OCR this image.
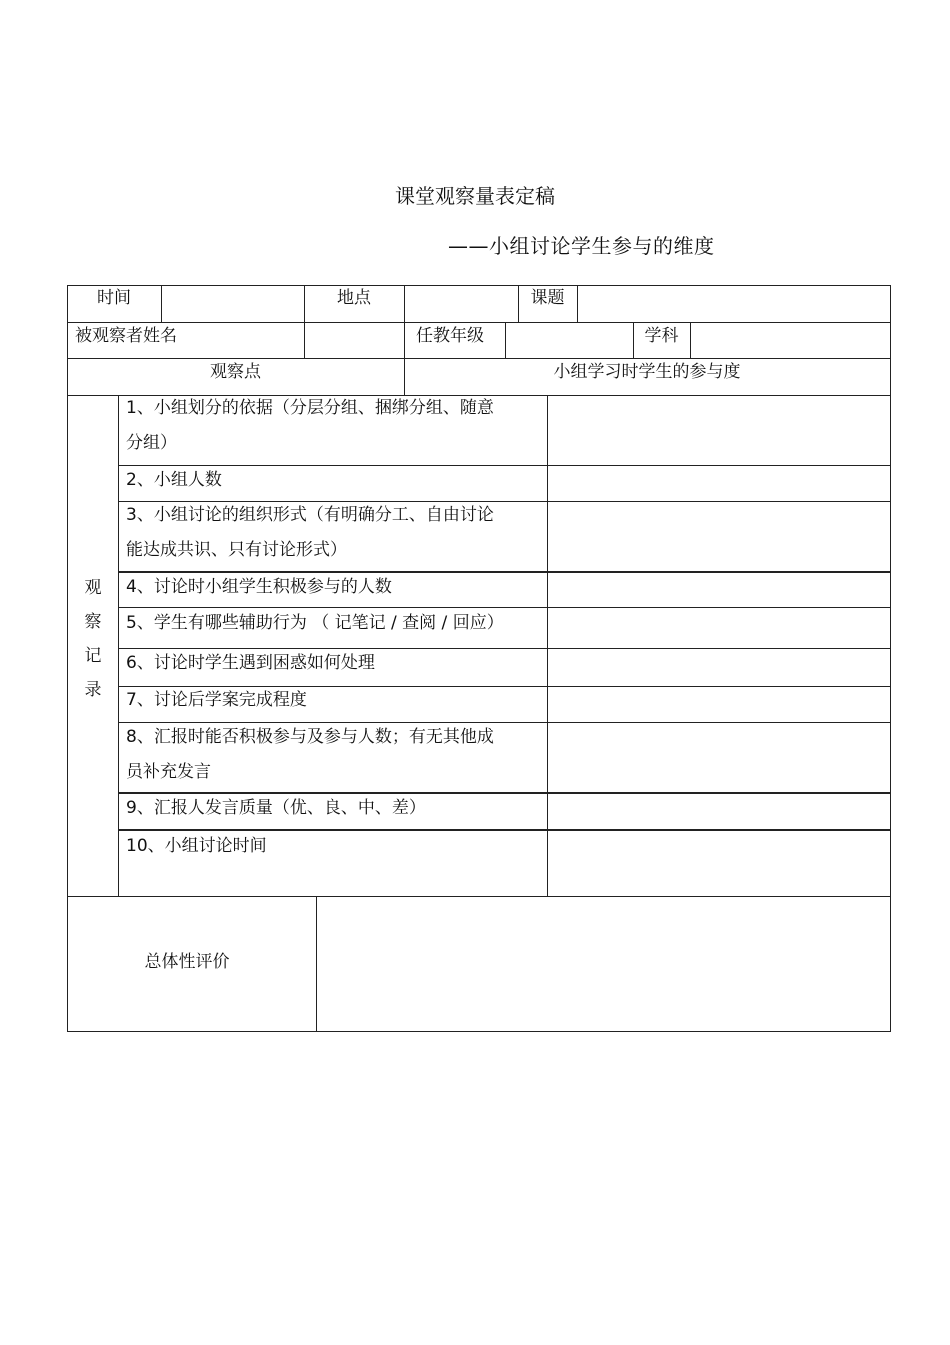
课堂观察量表定稿
——小组讨论学生参与的维度
时间	地点	课题
被观察者姓名	任教年级	学科
观察点	小组学习时学生的参与度
观
察
记
录
1、小组划分的依据（分层分组、捆绑分组、随意
分组）
2、小组人数
3、小组讨论的组织形式（有明确分工、自由讨论
能达成共识、只有讨论形式）
4、讨论时小组学生积极参与的人数
5、学生有哪些辅助行为 （ 记笔记 / 查阅 / 回应）
6、讨论时学生遇到困惑如何处理
7、讨论后学案完成程度
8、汇报时能否积极参与及参与人数；有无其他成
员补充发言
9、汇报人发言质量（优、良、中、差）
10、小组讨论时间
总体性评价
